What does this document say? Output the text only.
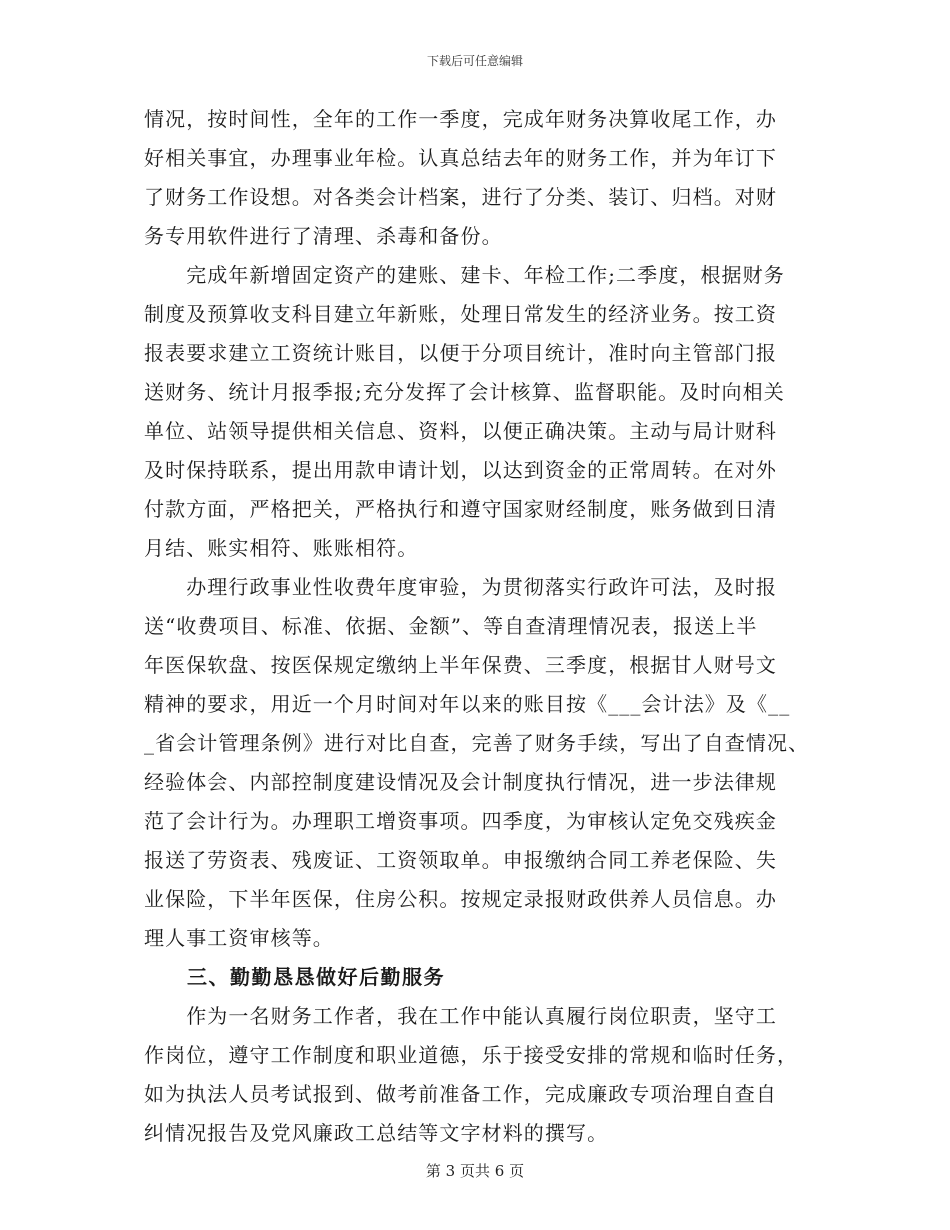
下载后可任意编辑
情况，按时间性，全年的工作一季度，完成年财务决算收尾工作，办
好相关事宜，办理事业年检。认真总结去年的财务工作，并为年订下
了财务工作设想。对各类会计档案，进行了分类、装订、归档。对财
务专用软件进行了清理、杀毒和备份。
　　完成年新增固定资产的建账、建卡、年检工作;二季度，根据财务
制度及预算收支科目建立年新账，处理日常发生的经济业务。按工资
报表要求建立工资统计账目，以便于分项目统计，准时向主管部门报
送财务、统计月报季报;充分发挥了会计核算、监督职能。及时向相关
单位、站领导提供相关信息、资料，以便正确决策。主动与局计财科
及时保持联系，提出用款申请计划，以达到资金的正常周转。在对外
付款方面，严格把关，严格执行和遵守国家财经制度，账务做到日清
月结、账实相符、账账相符。
　　办理行政事业性收费年度审验，为贯彻落实行政许可法，及时报
送“收费项目、标准、依据、金额”、等自查清理情况表，报送上半
年医保软盘、按医保规定缴纳上半年保费、三季度，根据甘人财号文
精神的要求，用近一个月时间对年以来的账目按《___会计法》及《__
_省会计管理条例》进行对比自查，完善了财务手续，写出了自查情况、
经验体会、内部控制度建设情况及会计制度执行情况，进一步法律规
范了会计行为。办理职工增资事项。四季度，为审核认定免交残疾金
报送了劳资表、残废证、工资领取单。申报缴纳合同工养老保险、失
业保险，下半年医保，住房公积。按规定录报财政供养人员信息。办
理人事工资审核等。
　　三、勤勤恳恳做好后勤服务
　　作为一名财务工作者，我在工作中能认真履行岗位职责，坚守工
作岗位，遵守工作制度和职业道德，乐于接受安排的常规和临时任务，
如为执法人员考试报到、做考前准备工作，完成廉政专项治理自查自
纠情况报告及党风廉政工总结等文字材料的撰写。
第 3 页共 6 页
